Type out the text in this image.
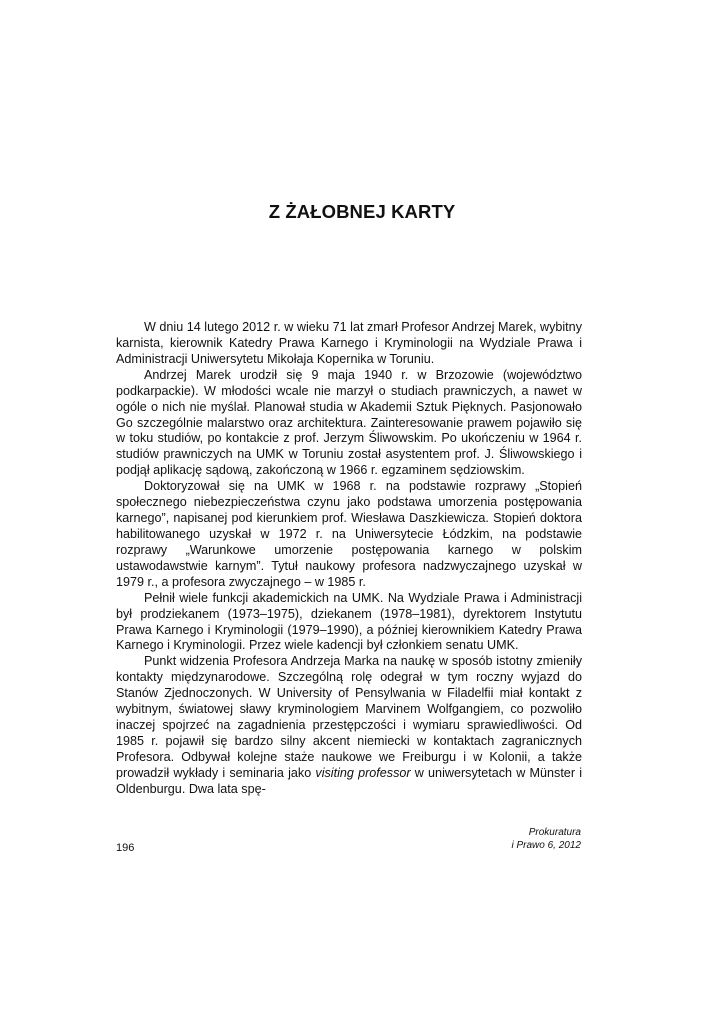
Z ŻAŁOBNEJ KARTY

W dniu 14 lutego 2012 r. w wieku 71 lat zmarł Profesor Andrzej Marek, wybitny karnista, kierownik Katedry Prawa Karnego i Kryminologii na Wydziale Prawa i Administracji Uniwersytetu Mikołaja Kopernika w Toruniu.

Andrzej Marek urodził się 9 maja 1940 r. w Brzozowie (województwo podkarpackie). W młodości wcale nie marzył o studiach prawniczych, a nawet w ogóle o nich nie myślał. Planował studia w Akademii Sztuk Pięknych. Pasjonowało Go szczególnie malarstwo oraz architektura. Zainteresowanie prawem pojawiło się w toku studiów, po kontakcie z prof. Jerzym Śliwowskim. Po ukończeniu w 1964 r. studiów prawniczych na UMK w Toruniu został asystentem prof. J. Śliwowskiego i podjął aplikację sądową, zakończoną w 1966 r. egzaminem sędziowskim.

Doktoryzował się na UMK w 1968 r. na podstawie rozprawy „Stopień społecznego niebezpieczeństwa czynu jako podstawa umorzenia postępowania karnego”, napisanej pod kierunkiem prof. Wiesława Daszkiewicza. Stopień doktora habilitowanego uzyskał w 1972 r. na Uniwersytecie Łódzkim, na podstawie rozprawy „Warunkowe umorzenie postępowania karnego w polskim ustawodawstwie karnym”. Tytuł naukowy profesora nadzwyczajnego uzyskał w 1979 r., a profesora zwyczajnego – w 1985 r.

Pełnił wiele funkcji akademickich na UMK. Na Wydziale Prawa i Administracji był prodziekanem (1973–1975), dziekanem (1978–1981), dyrektorem Instytutu Prawa Karnego i Kryminologii (1979–1990), a później kierownikiem Katedry Prawa Karnego i Kryminologii. Przez wiele kadencji był członkiem senatu UMK.

Punkt widzenia Profesora Andrzeja Marka na naukę w sposób istotny zmieniły kontakty międzynarodowe. Szczególną rolę odegrał w tym roczny wyjazd do Stanów Zjednoczonych. W University of Pensylwania w Filadelfii miał kontakt z wybitnym, światowej sławy kryminologiem Marvinem Wolfgangiem, co pozwoliło inaczej spojrzeć na zagadnienia przestępczości i wymiaru sprawiedliwości. Od 1985 r. pojawił się bardzo silny akcent niemiecki w kontaktach zagranicznych Profesora. Odbywał kolejne staże naukowe we Freiburgu i w Kolonii, a także prowadził wykłady i seminaria jako visiting professor w uniwersytetach w Münster i Oldenburgu. Dwa lata spę-

196

Prokuratura
i Prawo 6, 2012
